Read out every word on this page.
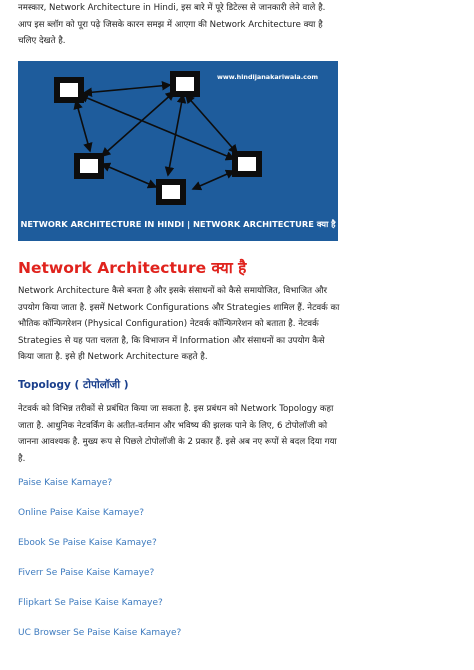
नमस्कार, Network Architecture in Hindi, इस बारे में पूरे डिटेल्स से जानकारी लेने वाले है. आप इस ब्लॉग को पूरा पढ़े जिसके कारन समझ में आएगा की Network Architecture क्या है चलिए देखते है.

www.hindijanakariwala.com
NETWORK ARCHITECTURE IN HINDI | NETWORK ARCHITECTURE क्या है
Network Architecture क्या है

Network Architecture कैसे बनता है और इसके संसाधनों को कैसे समायोजित, विभाजित और उपयोग किया जाता है. इसमें Network Configurations और Strategies शामिल हैं. नेटवर्क का भौतिक कॉन्फिगरेशन (Physical Configuration) नेटवर्क कॉन्फिगरेशन को बताता है. नेटवर्क Strategies से यह पता चलता है, कि विभाजन में Information और संसाधनों का उपयोग कैसे किया जाता है. इसे ही Network Architecture कहते है.

Topology ( टोपोलॉजी )

नेटवर्क को विभिन्न तरीकों से प्रबंधित किया जा सकता है. इस प्रबंधन को Network Topology कहा जाता है. आधुनिक नेटवर्किंग के अतीत-वर्तमान और भविष्य की झलक पाने के लिए, 6 टोपोलॉजी को जानना आवश्यक है. मुख्य रूप से पिछले टोपोलॉजी के 2 प्रकार हैं. इसे अब नए रूपों से बदल दिया गया है.

Paise Kaise Kamaye?
Online Paise Kaise Kamaye?
Ebook Se Paise Kaise Kamaye?
Fiverr Se Paise Kaise Kamaye?
Flipkart Se Paise Kaise Kamaye?
UC Browser Se Paise Kaise Kamaye?
